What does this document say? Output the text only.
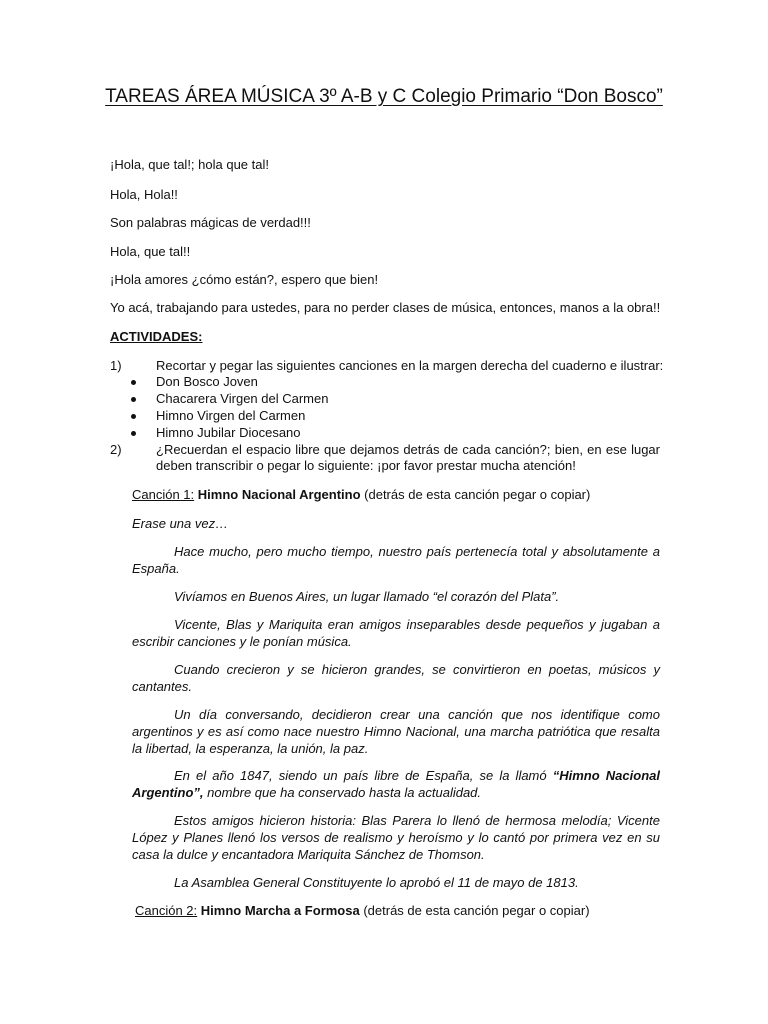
TAREAS ÁREA MÚSICA 3º A-B y C Colegio Primario “Don Bosco”
¡Hola, que tal!; hola que tal!
Hola, Hola!!
Son palabras mágicas de verdad!!!
Hola, que tal!!
¡Hola amores ¿cómo están?, espero que bien!
Yo acá, trabajando para ustedes, para no perder clases de música, entonces, manos a la obra!!
ACTIVIDADES:
1)	Recortar y pegar las siguientes canciones en la margen derecha del cuaderno e ilustrar:
Don Bosco Joven
Chacarera Virgen del Carmen
Himno Virgen del Carmen
Himno Jubilar Diocesano
2)	¿Recuerdan el espacio libre que dejamos detrás de cada canción?; bien, en ese lugar deben transcribir o pegar lo siguiente: ¡por favor prestar mucha atención!
Canción 1: Himno Nacional Argentino (detrás de esta canción pegar o copiar)
Erase una vez…
Hace mucho, pero mucho tiempo, nuestro país pertenecía total y absolutamente a España.
Vivíamos en Buenos Aires, un lugar llamado “el corazón del Plata”.
Vicente, Blas y Mariquita eran amigos inseparables desde pequeños y jugaban a escribir canciones y le ponían música.
Cuando crecieron y se hicieron grandes, se convirtieron en poetas, músicos y cantantes.
Un día conversando, decidieron crear una canción que nos identifique como argentinos y es así como nace nuestro Himno Nacional, una marcha patriótica que resalta la libertad, la esperanza, la unión, la paz.
En el año 1847, siendo un país libre de España, se la llamó “Himno Nacional Argentino”, nombre que ha conservado hasta la actualidad.
Estos amigos hicieron historia: Blas Parera lo llenó de hermosa melodía; Vicente López y Planes llenó los versos de realismo y heroísmo y lo cantó por primera vez en su casa la dulce y encantadora Mariquita Sánchez de Thomson.
La Asamblea General Constituyente lo aprobó el 11 de mayo de 1813.
Canción 2: Himno Marcha a Formosa (detrás de esta canción pegar o copiar)
